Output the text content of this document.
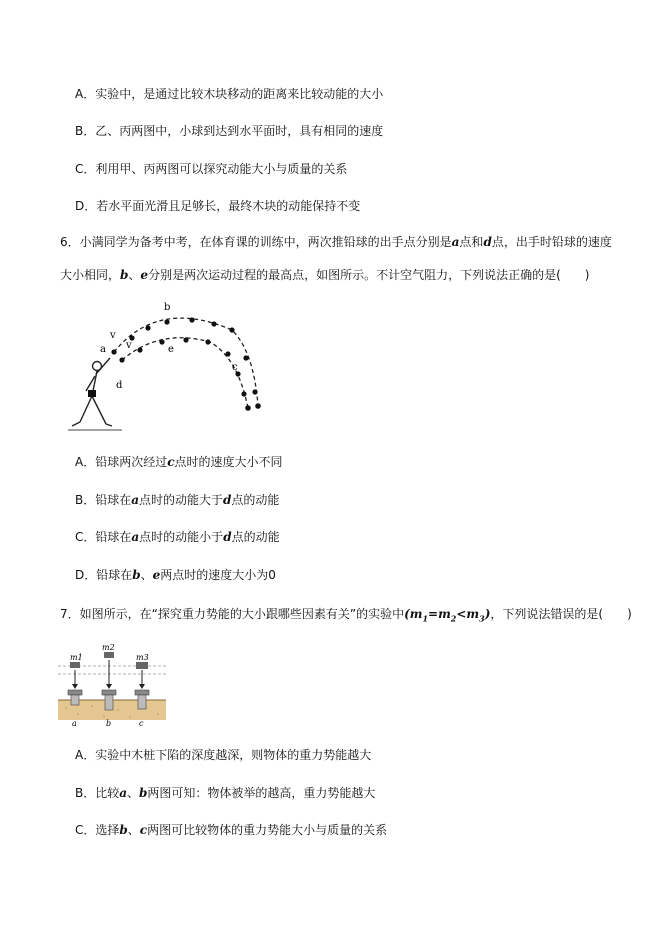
A．实验中，是通过比较木块移动的距离来比较动能的大小
B．乙、丙两图中，小球到达到水平面时，具有相同的速度
C．利用甲、丙两图可以探究动能大小与质量的关系
D．若水平面光滑且足够长，最终木块的动能保持不变
6．小满同学为备考中考，在体育课的训练中，两次推铅球的出手点分别是a点和d点，出手时铅球的速度
大小相同，b、e分别是两次运动过程的最高点，如图所示。不计空气阻力，下列说法正确的是(　　)
b
v
v
a	e
c
d
A．铅球两次经过c点时的速度大小不同
B．铅球在a点时的动能大于d点的动能
C．铅球在a点时的动能小于d点的动能
D．铅球在b、e两点时的速度大小为0
7．如图所示，在“探究重力势能的大小跟哪些因素有关”的实验中$(m_1=m_2<m_3)$，下列说法错误的是(　　)
m1
m2
m3
a	b	c
A．实验中木桩下陷的深度越深，则物体的重力势能越大
B．比较a、b两图可知：物体被举的越高，重力势能越大
C．选择b、c两图可比较物体的重力势能大小与质量的关系
